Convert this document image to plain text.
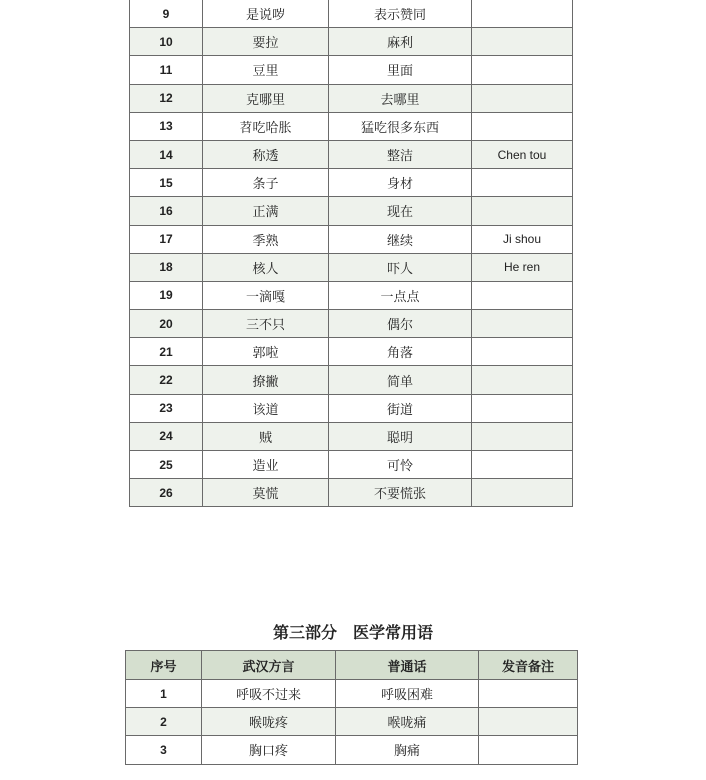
9	是说哕	表示赞同	
10	要拉	麻利	
11	豆里	里面	
12	克哪里	去哪里	
13	苕吃哈胀	猛吃很多东西	
14	称透	整洁	Chen tou
15	条子	身材	
16	正满	现在	
17	季熟	继续	Ji shou
18	核人	吓人	He ren
19	一滴嘎	一点点	
20	三不只	偶尔	
21	郭啦	角落	
22	撩撇	简单	
23	该道	街道	
24	贼	聪明	
25	造业	可怜	
26	莫慌	不要慌张	
第三部分　医学常用语
序号	武汉方言	普通话	发音备注
1	呼吸不过来	呼吸困难	
2	喉咙疼	喉咙痛	
3	胸口疼	胸痛	
